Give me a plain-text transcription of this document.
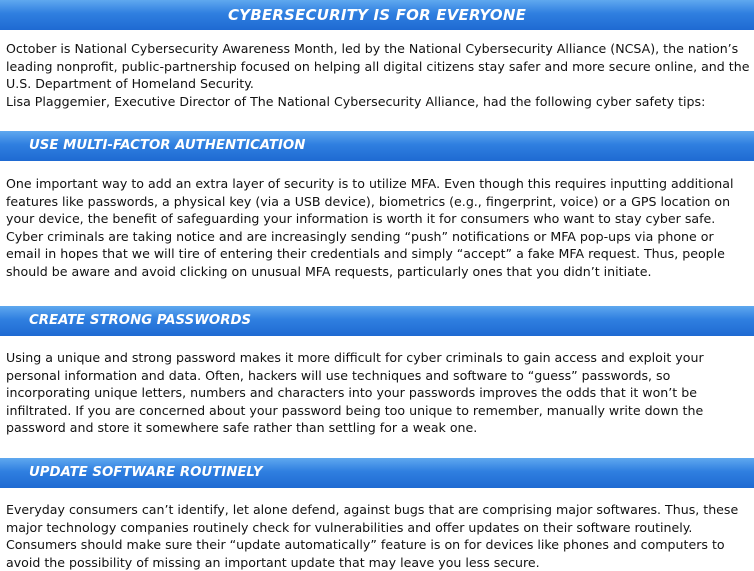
CYBERSECURITY IS FOR EVERYONE

October is National Cybersecurity Awareness Month, led by the National Cybersecurity Alliance (NCSA), the nation’s leading nonprofit, public-partnership focused on helping all digital citizens stay safer and more secure online, and the U.S. Department of Homeland Security.

Lisa Plaggemier, Executive Director of The National Cybersecurity Alliance, had the following cyber safety tips:

USE MULTI-FACTOR AUTHENTICATION

One important way to add an extra layer of security is to utilize MFA. Even though this requires inputting additional features like passwords, a physical key (via a USB device), biometrics (e.g., fingerprint, voice) or a GPS location on your device, the benefit of safeguarding your information is worth it for consumers who want to stay cyber safe. Cyber criminals are taking notice and are increasingly sending “push” notifications or MFA pop-ups via phone or email in hopes that we will tire of entering their credentials and simply “accept” a fake MFA request. Thus, people should be aware and avoid clicking on unusual MFA requests, particularly ones that you didn’t initiate.

CREATE STRONG PASSWORDS

Using a unique and strong password makes it more difficult for cyber criminals to gain access and exploit your personal information and data. Often, hackers will use techniques and software to “guess” passwords, so incorporating unique letters, numbers and characters into your passwords improves the odds that it won’t be infiltrated. If you are concerned about your password being too unique to remember, manually write down the password and store it somewhere safe rather than settling for a weak one.

UPDATE SOFTWARE ROUTINELY

Everyday consumers can’t identify, let alone defend, against bugs that are comprising major softwares. Thus, these major technology companies routinely check for vulnerabilities and offer updates on their software routinely. Consumers should make sure their “update automatically” feature is on for devices like phones and computers to avoid the possibility of missing an important update that may leave you less secure.
